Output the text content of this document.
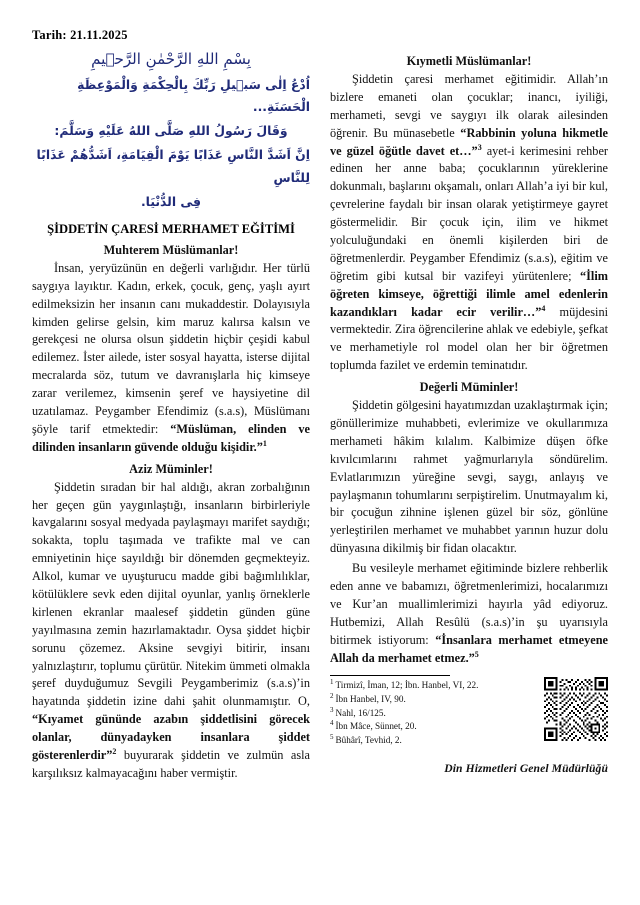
Tarih: 21.11.2025
بِسْمِ اللهِ الرَّحْمٰنِ الرَّحٖيمِ
اُدْعُ اِلٰى سَبٖيلِ رَبِّكَ بِالْحِكْمَةِ وَالْمَوْعِظَةِ الْحَسَنَةِ...
وَقَالَ رَسُولُ اللهِ صَلَّى اللهُ عَلَيْهِ وَسَلَّمَ:
اِنَّ اَشَدَّ النَّاسِ عَذَابًا يَوْمَ الْقِيَامَةِ، اَشَدُّهُمْ عَذَابًا لِلنَّاسِ
فِى الدُّنْيَا.
ŞİDDETİN ÇARESİ MERHAMET EĞİTİMİ
Muhterem Müslümanlar!

İnsan, yeryüzünün en değerli varlığıdır. Her türlü saygıya layıktır. Kadın, erkek, çocuk, genç, yaşlı ayırt edilmeksizin her insanın canı mukaddestir. Dolayısıyla kimden gelirse gelsin, kim maruz kalırsa kalsın ve gerekçesi ne olursa olsun şiddetin hiçbir çeşidi kabul edilemez. İster ailede, ister sosyal hayatta, isterse dijital mecralarda söz, tutum ve davranışlarla hiç kimseye zarar verilemez, kimsenin şeref ve haysiyetine dil uzatılamaz. Peygamber Efendimiz (s.a.s), Müslümanı şöyle tarif etmektedir: “Müslüman, elinden ve dilinden insanların güvende olduğu kişidir.”$^1$

Aziz Müminler!

Şiddetin sıradan bir hal aldığı, akran zorbalığının her geçen gün yaygınlaştığı, insanların birbirleriyle kavgalarını sosyal medyada paylaşmayı marifet saydığı; sokakta, toplu taşımada ve trafikte mal ve can emniyetinin hiçe sayıldığı bir dönemden geçmekteyiz. Alkol, kumar ve uyuşturucu madde gibi bağımlılıklar, kötülüklere sevk eden dijital oyunlar, yanlış örneklerle kirlenen ekranlar maalesef şiddetin günden güne yayılmasına zemin hazırlamaktadır. Oysa şiddet hiçbir sorunu çözemez. Aksine sevgiyi bitirir, insanı yalnızlaştırır, toplumu çürütür. Nitekim ümmeti olmakla şeref duyduğumuz Sevgili Peygamberimiz (s.a.s)’in hayatında şiddetin izine dahi şahit olunmamıştır. O, “Kıyamet gününde azabın şiddetlisini görecek olanlar, dünyadayken insanlara şiddet gösterenlerdir”$^2$ buyurarak şiddetin ve zulmün asla karşılıksız kalmayacağını haber vermiştir.

Kıymetli Müslümanlar!

Şiddetin çaresi merhamet eğitimidir. Allah’ın bizlere emaneti olan çocuklar; inancı, iyiliği, merhameti, sevgi ve saygıyı ilk olarak ailesinden öğrenir. Bu münasebetle “Rabbinin yoluna hikmetle ve güzel öğütle davet et…”$^3$ ayet-i kerimesini rehber edinen her anne baba; çocuklarının yüreklerine dokunmalı, başlarını okşamalı, onları Allah’a iyi bir kul, çevrelerine faydalı bir insan olarak yetiştirmeye gayret göstermelidir. Bir çocuk için, ilim ve hikmet yolculuğundaki en önemli kişilerden biri de öğretmenlerdir. Peygamber Efendimiz (s.a.s), eğitim ve öğretim gibi kutsal bir vazifeyi yürütenlere; “İlim öğreten kimseye, öğrettiği ilimle amel edenlerin kazandıkları kadar ecir verilir…”$^4$ müjdesini vermektedir. Zira öğrencilerine ahlak ve edebiyle, şefkat ve merhametiyle rol model olan her bir öğretmen toplumda fazilet ve erdemin teminatıdır.

Değerli Müminler!

Şiddetin gölgesini hayatımızdan uzaklaştırmak için; gönüllerimize muhabbeti, evlerimize ve okullarımıza merhameti hâkim kılalım. Kalbimize düşen öfke kıvılcımlarını rahmet yağmurlarıyla söndürelim. Evlatlarımızın yüreğine sevgi, saygı, anlayış ve paylaşmanın tohumlarını serpiştirelim. Unutmayalım ki, bir çocuğun zihnine işlenen güzel bir söz, gönlüne yerleştirilen merhamet ve muhabbet yarının huzur dolu dünyasına dikilmiş bir fidan olacaktır.

Bu vesileyle merhamet eğitiminde bizlere rehberlik eden anne ve babamızı, öğretmenlerimizi, hocalarımızı ve Kur’an muallimlerimizi hayırla yâd ediyoruz. Hutbemizi, Allah Resûlü (s.a.s)’in şu uyarısıyla bitirmek istiyorum: “İnsanlara merhamet etmeyene Allah da merhamet etmez.”$^5$

$^1$ Tirmizî, İman, 12; İbn. Hanbel, VI, 22.
$^2$ İbn Hanbel, IV, 90.
$^3$ Nahl, 16/125.
$^4$ İbn Mâce, Sünnet, 20.
$^5$ Bûhârî, Tevhid, 2.
Din Hizmetleri Genel Müdürlüğü
